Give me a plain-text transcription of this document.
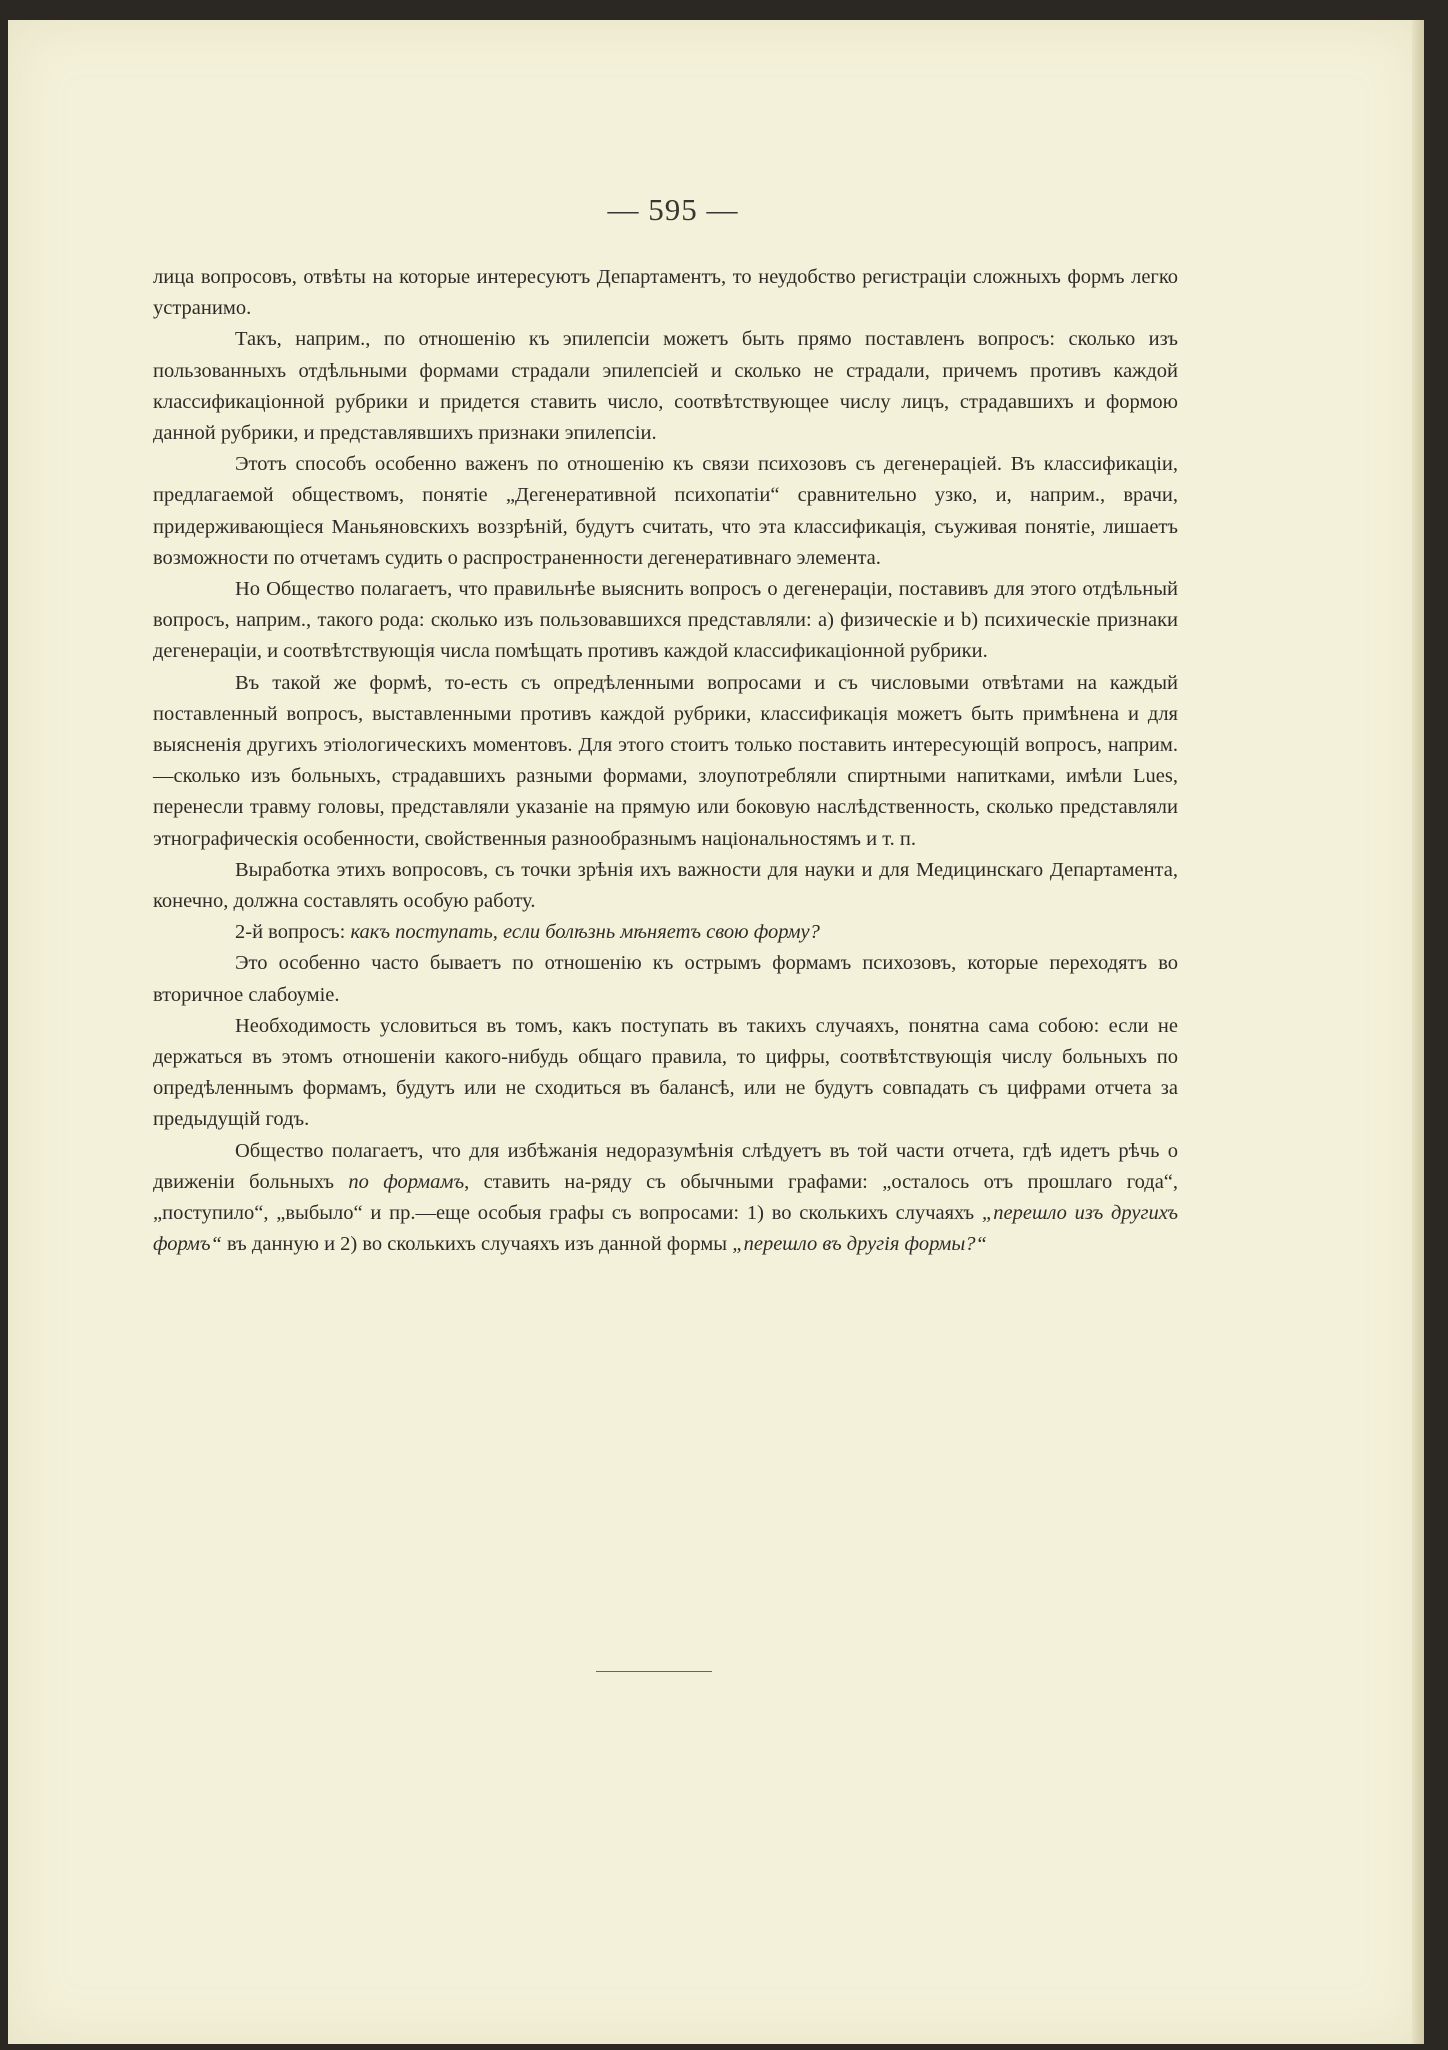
— 595 —

лица вопросовъ, отвѣты на которые интересуютъ Департаментъ, то неудобство регистраціи сложныхъ формъ легко устранимо.

Такъ, наприм., по отношенію къ эпилепсіи можетъ быть прямо поставленъ вопросъ: сколько изъ пользованныхъ отдѣльными формами страдали эпилепсіей и сколько не страдали, причемъ противъ каждой классификаціонной рубрики и придется ставить число, соотвѣтствующее числу лицъ, страдавшихъ и формою данной рубрики, и представлявшихъ признаки эпилепсіи.

Этотъ способъ особенно важенъ по отношенію къ связи психозовъ съ дегенераціей. Въ классификаціи, предлагаемой обществомъ, понятіе „Дегенеративной психопатіи“ сравнительно узко, и, наприм., врачи, придерживающіеся Маньяновскихъ воззрѣній, будутъ считать, что эта классификація, съуживая понятіе, лишаетъ возможности по отчетамъ судить о распространенности дегенеративнаго элемента.

Но Общество полагаетъ, что правильнѣе выяснить вопросъ о дегенераціи, поставивъ для этого отдѣльный вопросъ, наприм., такого рода: сколько изъ пользовавшихся представляли: а) физическіе и b) психическіе признаки дегенераціи, и соотвѣтствующія числа помѣщать противъ каждой классификаціонной рубрики.

Въ такой же формѣ, то-есть съ опредѣленными вопросами и съ числовыми отвѣтами на каждый поставленный вопросъ, выставленными противъ каждой рубрики, классификація можетъ быть примѣнена и для выясненія другихъ этіологическихъ моментовъ. Для этого стоитъ только поставить интересующій вопросъ, наприм.—сколько изъ больныхъ, страдавшихъ разными формами, злоупотребляли спиртными напитками, имѣли Lues, перенесли травму головы, представляли указаніе на прямую или боковую наслѣдственность, сколько представляли этнографическія особенности, свойственныя разнообразнымъ національностямъ и т. п.

Выработка этихъ вопросовъ, съ точки зрѣнія ихъ важности для науки и для Медицинскаго Департамента, конечно, должна составлять особую работу.

2-й вопросъ: какъ поступать, если болѣзнь мѣняетъ свою форму?

Это особенно часто бываетъ по отношенію къ острымъ формамъ психозовъ, которые переходятъ во вторичное слабоуміе.

Необходимость условиться въ томъ, какъ поступать въ такихъ случаяхъ, понятна сама собою: если не держаться въ этомъ отношеніи какого-нибудь общаго правила, то цифры, соотвѣтствующія числу больныхъ по опредѣленнымъ формамъ, будутъ или не сходиться въ балансѣ, или не будутъ совпадать съ цифрами отчета за предыдущій годъ.

Общество полагаетъ, что для избѣжанія недоразумѣнія слѣдуетъ въ той части отчета, гдѣ идетъ рѣчь о движеніи больныхъ по формамъ, ставить на-ряду съ обычными графами: „осталось отъ прошлаго года“, „поступило“, „выбыло“ и пр.—еще особыя графы съ вопросами: 1) во сколькихъ случаяхъ „перешло изъ другихъ формъ“ въ данную и 2) во сколькихъ случаяхъ изъ данной формы „перешло въ другія формы?“
